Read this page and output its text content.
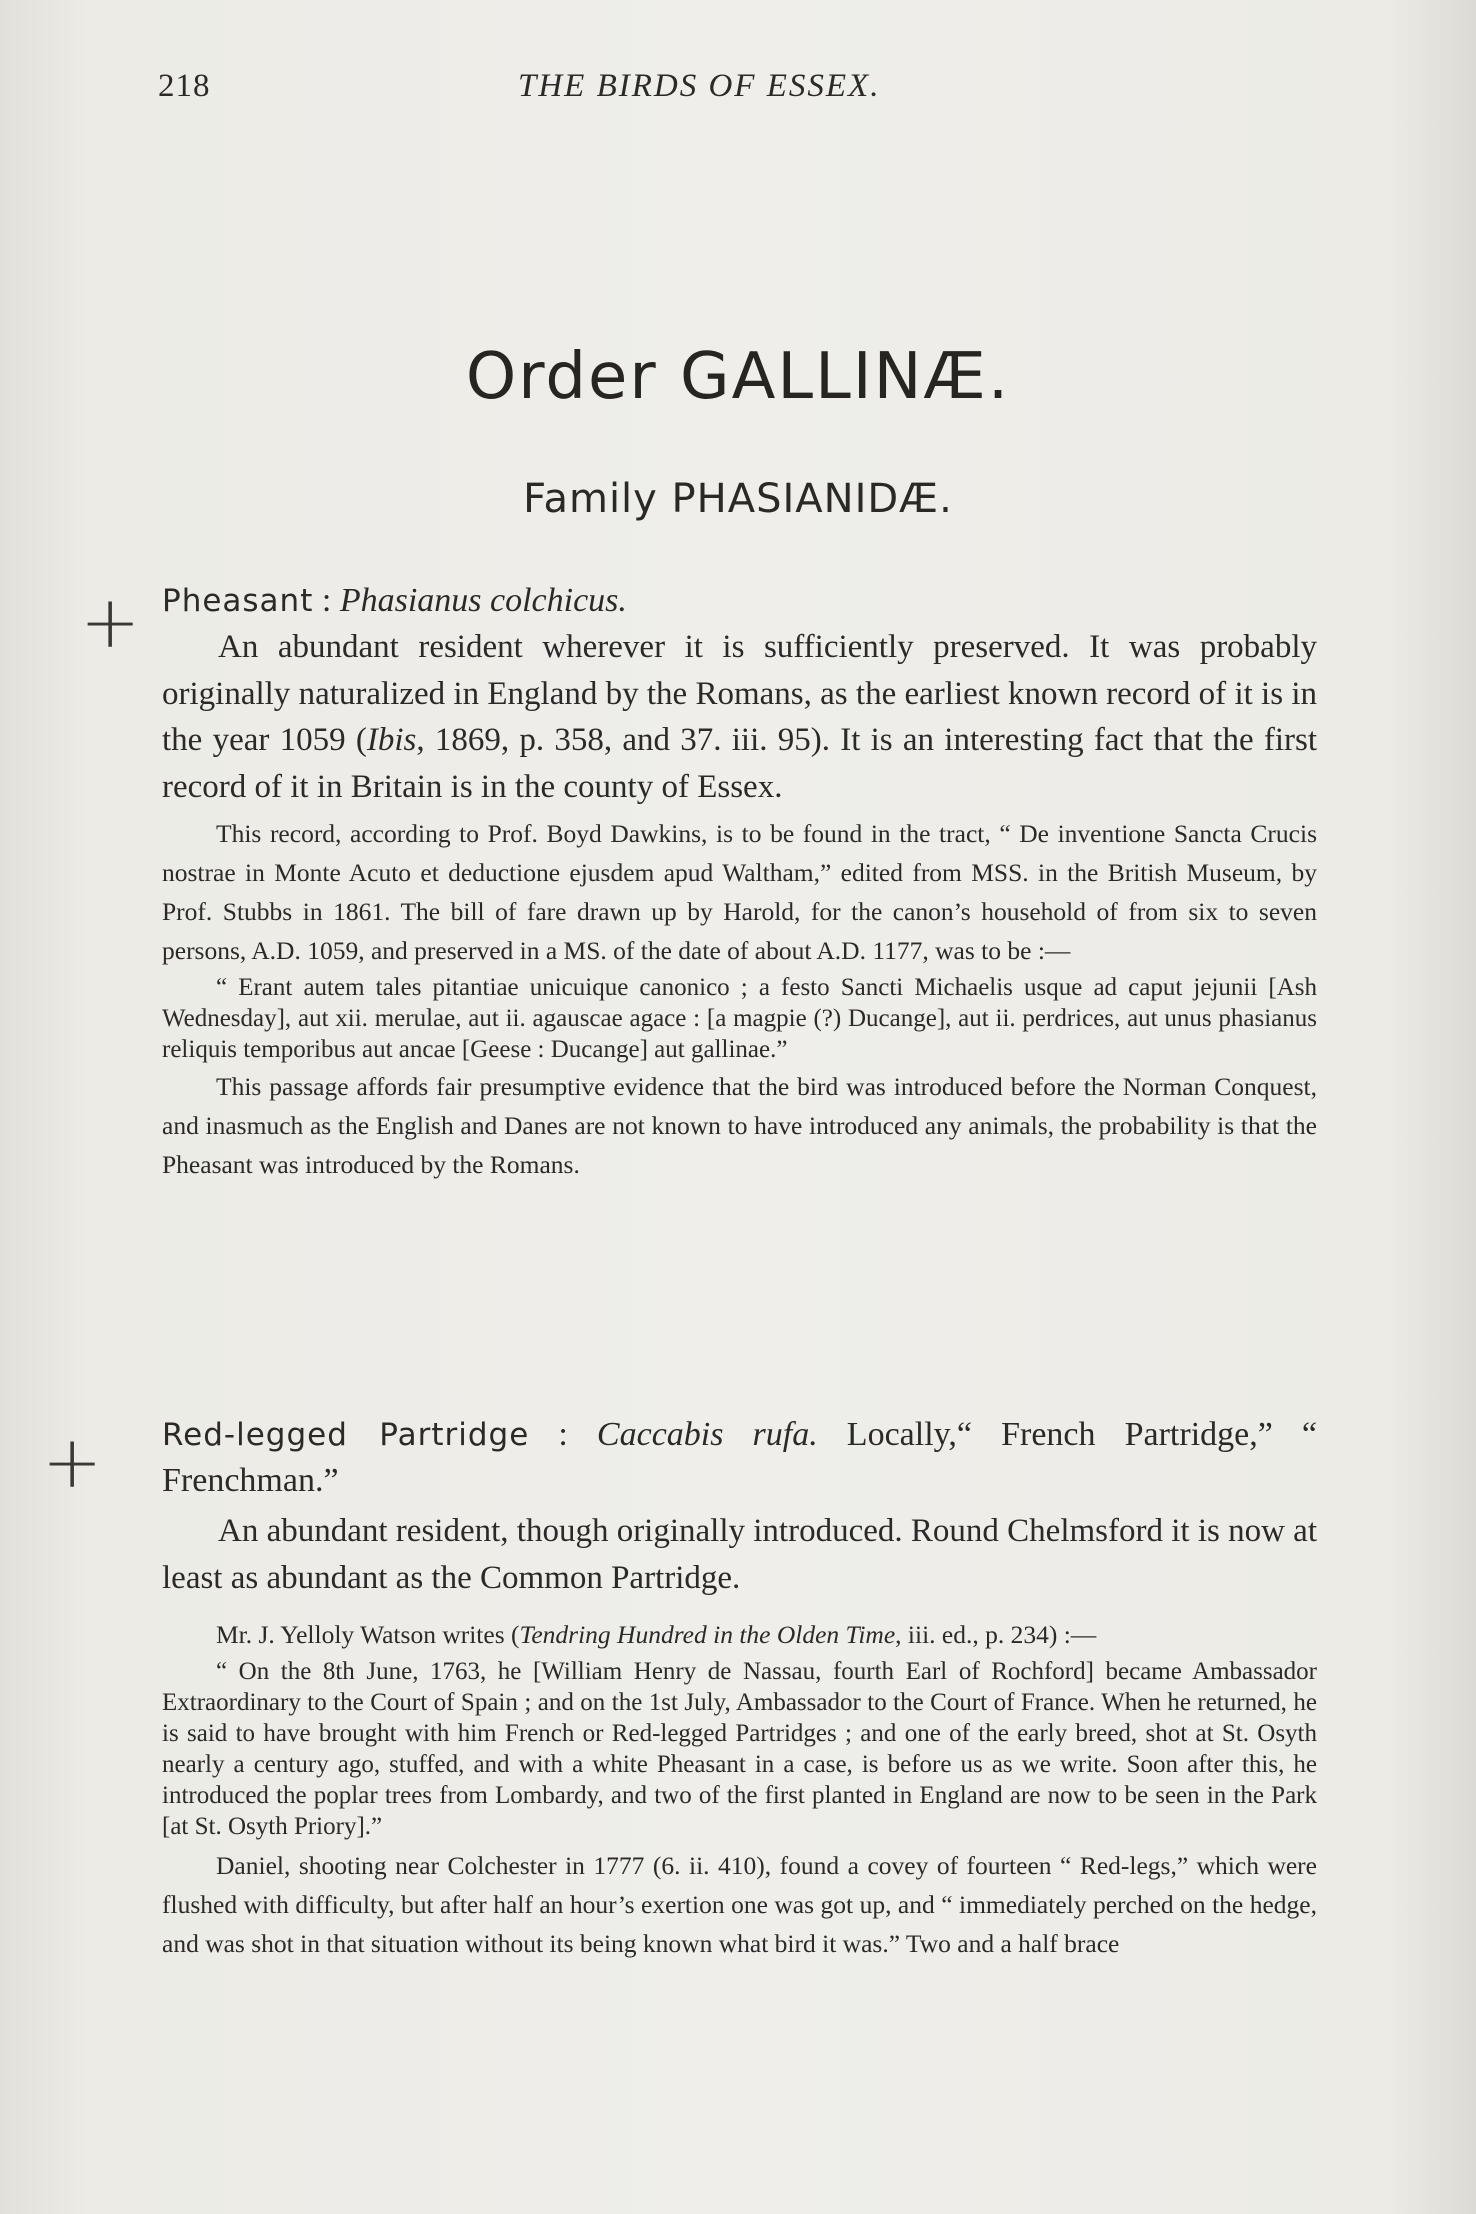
218	THE BIRDS OF ESSEX.
Order GALLINÆ.
Family PHASIANIDÆ.
+
+

Pheasant : Phasianus colchicus.

An abundant resident wherever it is sufficiently preserved. It was probably originally naturalized in England by the Romans, as the earliest known record of it is in the year 1059 (Ibis, 1869, p. 358, and 37. iii. 95). It is an interesting fact that the first record of it in Britain is in the county of Essex.

This record, according to Prof. Boyd Dawkins, is to be found in the tract, “ De inventione Sancta Crucis nostrae in Monte Acuto et deductione ejusdem apud Waltham,” edited from MSS. in the British Museum, by Prof. Stubbs in 1861. The bill of fare drawn up by Harold, for the canon’s household of from six to seven persons, A.D. 1059, and preserved in a MS. of the date of about A.D. 1177, was to be :—

“ Erant autem tales pitantiae unicuique canonico ; a festo Sancti Michaelis usque ad caput jejunii [Ash Wednesday], aut xii. merulae, aut ii. agauscae agace : [a magpie (?) Ducange], aut ii. perdrices, aut unus phasianus reliquis temporibus aut ancae [Geese : Ducange] aut gallinae.”

This passage affords fair presumptive evidence that the bird was introduced before the Norman Conquest, and inasmuch as the English and Danes are not known to have introduced any animals, the probability is that the Pheasant was introduced by the Romans.

Red-legged Partridge : Caccabis rufa. Locally,“ French Partridge,” “ Frenchman.”

An abundant resident, though originally introduced. Round Chelmsford it is now at least as abundant as the Common Partridge.

Mr. J. Yelloly Watson writes (Tendring Hundred in the Olden Time, iii. ed., p. 234) :—

“ On the 8th June, 1763, he [William Henry de Nassau, fourth Earl of Rochford] became Ambassador Extraordinary to the Court of Spain ; and on the 1st July, Ambassador to the Court of France. When he returned, he is said to have brought with him French or Red-legged Partridges ; and one of the early breed, shot at St. Osyth nearly a century ago, stuffed, and with a white Pheasant in a case, is before us as we write. Soon after this, he introduced the poplar trees from Lombardy, and two of the first planted in England are now to be seen in the Park [at St. Osyth Priory].”

Daniel, shooting near Colchester in 1777 (6. ii. 410), found a covey of fourteen “ Red-legs,” which were flushed with difficulty, but after half an hour’s exertion one was got up, and “ immediately perched on the hedge, and was shot in that situation without its being known what bird it was.” Two and a half brace
